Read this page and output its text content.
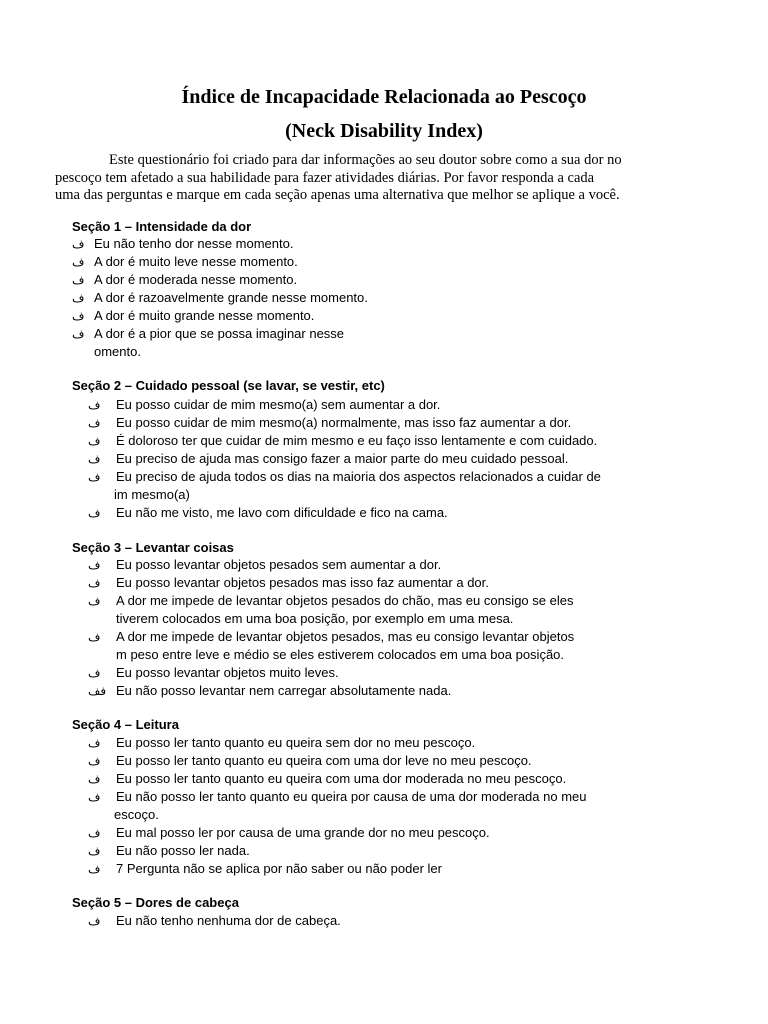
Índice de Incapacidade Relacionada ao Pescoço
(Neck Disability Index)
Este questionário foi criado para dar informações ao seu doutor sobre como a sua dor no
pescoço tem afetado a sua habilidade para fazer atividades diárias. Por favor responda a cada
uma das perguntas e marque em cada seção apenas uma alternativa que melhor se aplique a você.
Seção 1 – Intensidade da dor
ف Eu não tenho dor nesse momento.
ف A dor é muito leve nesse momento.
ف A dor é moderada nesse momento.
ف A dor é razoavelmente grande nesse momento.
ف A dor é muito grande nesse momento.
ف A dor é a pior que se possa imaginar nesse
omento.
Seção 2 – Cuidado pessoal (se lavar, se vestir, etc)
ف Eu posso cuidar de mim mesmo(a) sem aumentar a dor.
ف Eu posso cuidar de mim mesmo(a) normalmente, mas isso faz aumentar a dor.
ف É doloroso ter que cuidar de mim mesmo e eu faço isso lentamente e com cuidado.
ف Eu preciso de ajuda mas consigo fazer a maior parte do meu cuidado pessoal.
ف Eu preciso de ajuda todos os dias na maioria dos aspectos relacionados a cuidar de
im mesmo(a)
ف Eu não me visto, me lavo com dificuldade e fico na cama.
Seção 3 – Levantar coisas
ف Eu posso levantar objetos pesados sem aumentar a dor.
ف Eu posso levantar objetos pesados mas isso faz aumentar a dor.
ف A dor me impede de levantar objetos pesados do chão, mas eu consigo se eles
tiverem colocados em uma boa posição, por exemplo em uma mesa.
ف A dor me impede de levantar objetos pesados, mas eu consigo levantar objetos
m peso entre leve e médio se eles estiverem colocados em uma boa posição.
ف Eu posso levantar objetos muito leves.
فف Eu não posso levantar nem carregar absolutamente nada.
Seção 4 – Leitura
ف Eu posso ler tanto quanto eu queira sem dor no meu pescoço.
ف Eu posso ler tanto quanto eu queira com uma dor leve no meu pescoço.
ف Eu posso ler tanto quanto eu queira com uma dor moderada no meu pescoço.
ف Eu não posso ler tanto quanto eu queira por causa de uma dor moderada no meu
escoço.
ف Eu mal posso ler por causa de uma grande dor no meu pescoço.
ف Eu não posso ler nada.
ف 7 Pergunta não se aplica por não saber ou não poder ler
Seção 5 – Dores de cabeça
ف Eu não tenho nenhuma dor de cabeça.
